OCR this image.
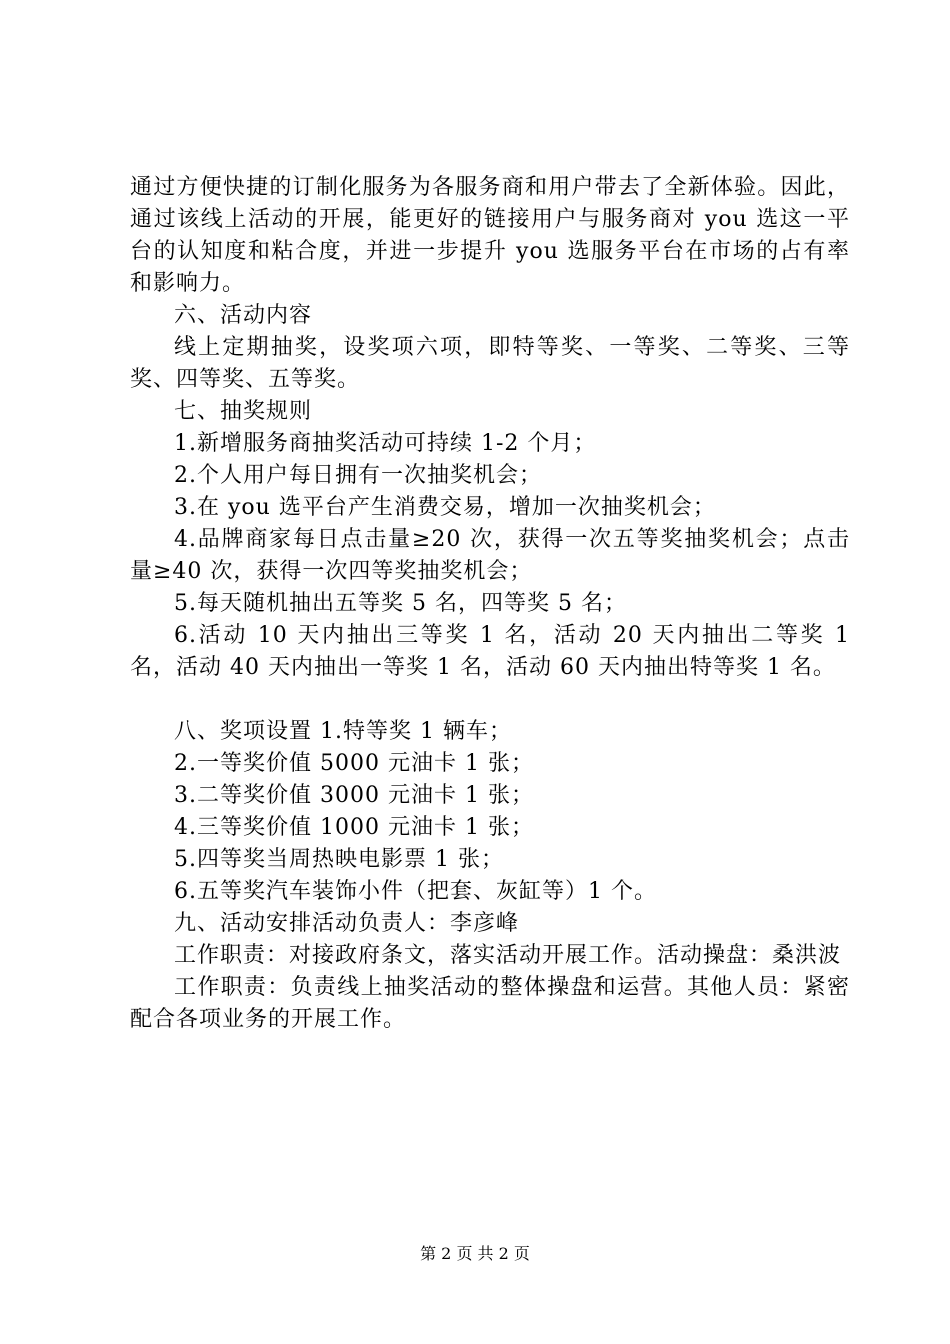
通过方便快捷的订制化服务为各服务商和用户带去了全新体验。因此，通过该线上活动的开展，能更好的链接用户与服务商对 you 选这一平台的认知度和粘合度，并进一步提升 you 选服务平台在市场的占有率和影响力。

六、活动内容

线上定期抽奖，设奖项六项，即特等奖、一等奖、二等奖、三等奖、四等奖、五等奖。

七、抽奖规则

1.新增服务商抽奖活动可持续 1-2 个月；

2.个人用户每日拥有一次抽奖机会；

3.在 you 选平台产生消费交易，增加一次抽奖机会；

4.品牌商家每日点击量≥20 次，获得一次五等奖抽奖机会；点击量≥40 次，获得一次四等奖抽奖机会；

5.每天随机抽出五等奖 5 名，四等奖 5 名；

6.活动 10 天内抽出三等奖 1 名，活动 20 天内抽出二等奖 1 名，活动 40 天内抽出一等奖 1 名，活动 60 天内抽出特等奖 1 名。

八、奖项设置 1.特等奖 1 辆车；

2.一等奖价值 5000 元油卡 1 张；

3.二等奖价值 3000 元油卡 1 张；

4.三等奖价值 1000 元油卡 1 张；

5.四等奖当周热映电影票 1 张；

6.五等奖汽车装饰小件（把套、灰缸等）1 个。

九、活动安排活动负责人：李彦峰

工作职责：对接政府条文，落实活动开展工作。活动操盘：桑洪波

工作职责：负责线上抽奖活动的整体操盘和运营。其他人员：紧密配合各项业务的开展工作。

第 2 页 共 2 页
